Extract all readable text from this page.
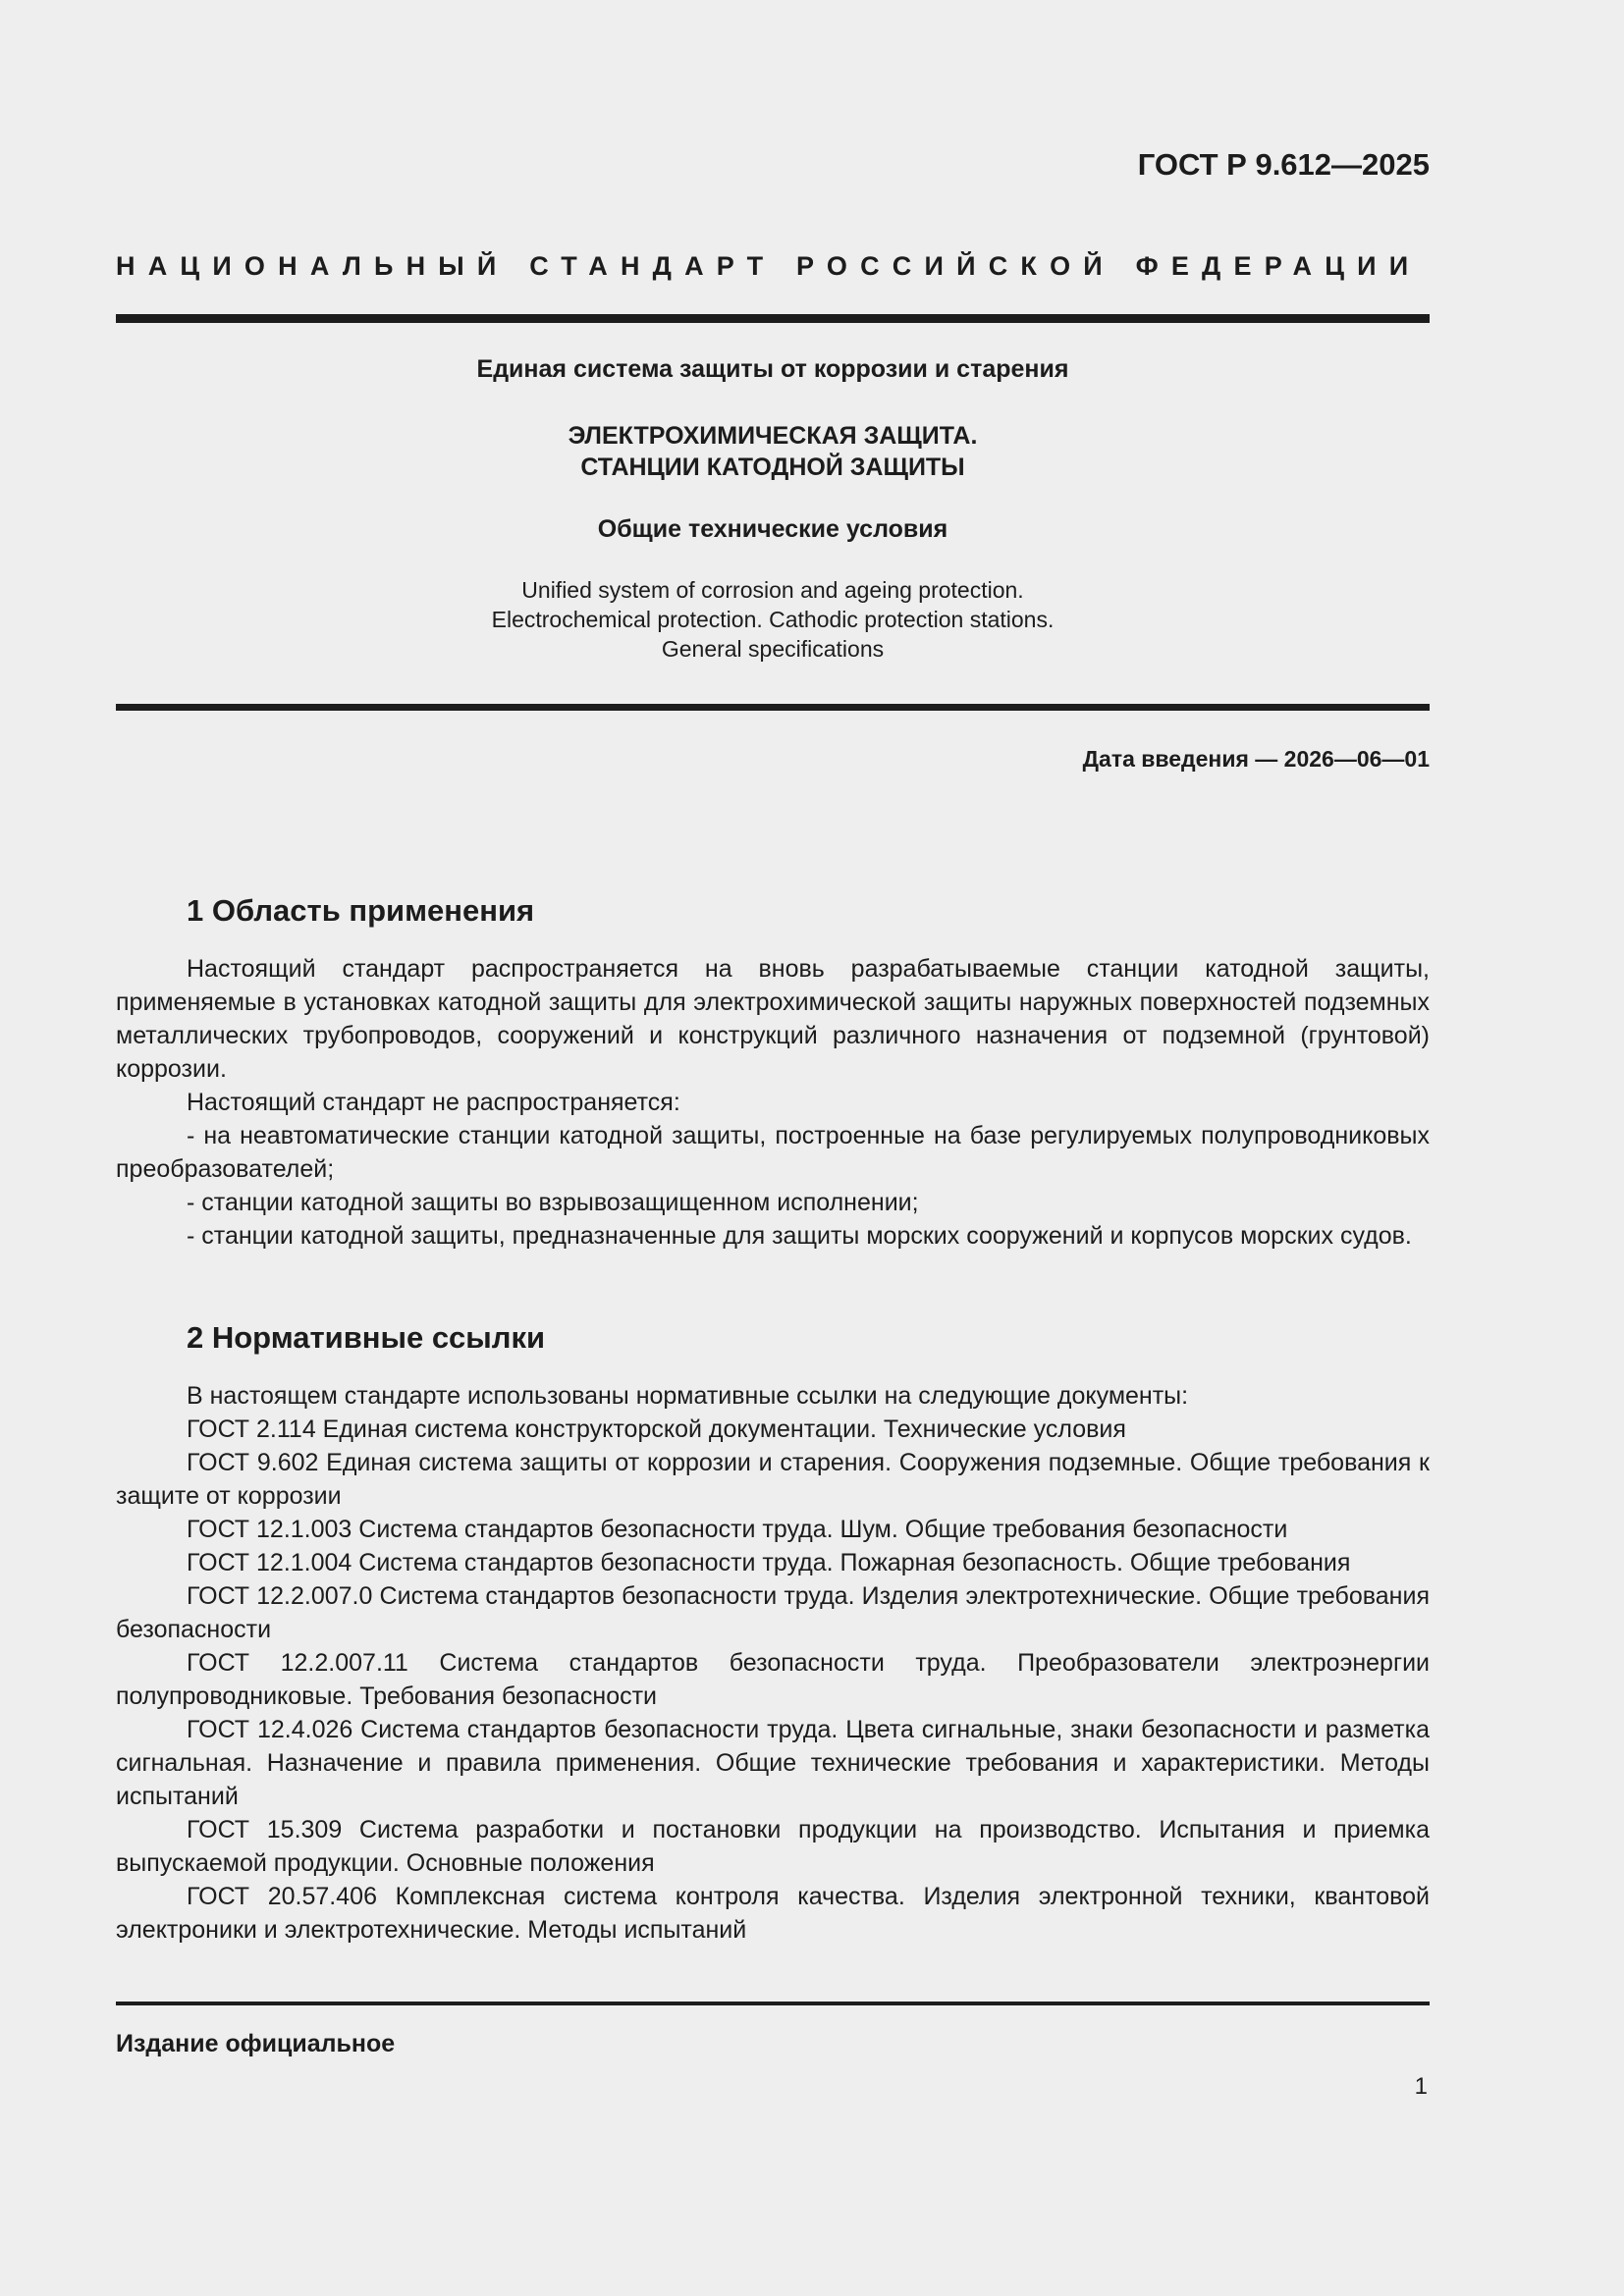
ГОСТ Р 9.612—2025
НАЦИОНАЛЬНЫЙ СТАНДАРТ РОССИЙСКОЙ ФЕДЕРАЦИИ
Единая система защиты от коррозии и старения
ЭЛЕКТРОХИМИЧЕСКАЯ ЗАЩИТА.
СТАНЦИИ КАТОДНОЙ ЗАЩИТЫ
Общие технические условия
Unified system of corrosion and ageing protection.
Electrochemical protection. Cathodic protection stations.
General specifications
Дата введения — 2026—06—01
1 Область применения

Настоящий стандарт распространяется на вновь разрабатываемые станции катодной защиты, применяемые в установках катодной защиты для электрохимической защиты наружных поверхностей подземных металлических трубопроводов, сооружений и конструкций различного назначения от подземной (грунтовой) коррозии.

Настоящий стандарт не распространяется:

- на неавтоматические станции катодной защиты, построенные на базе регулируемых полупроводниковых преобразователей;

- станции катодной защиты во взрывозащищенном исполнении;

- станции катодной защиты, предназначенные для защиты морских сооружений и корпусов морских судов.

2 Нормативные ссылки

В настоящем стандарте использованы нормативные ссылки на следующие документы:

ГОСТ 2.114 Единая система конструкторской документации. Технические условия

ГОСТ 9.602 Единая система защиты от коррозии и старения. Сооружения подземные. Общие требования к защите от коррозии

ГОСТ 12.1.003 Система стандартов безопасности труда. Шум. Общие требования безопасности

ГОСТ 12.1.004 Система стандартов безопасности труда. Пожарная безопасность. Общие требования

ГОСТ 12.2.007.0 Система стандартов безопасности труда. Изделия электротехнические. Общие требования безопасности

ГОСТ 12.2.007.11 Система стандартов безопасности труда. Преобразователи электроэнергии полупроводниковые. Требования безопасности

ГОСТ 12.4.026 Система стандартов безопасности труда. Цвета сигнальные, знаки безопасности и разметка сигнальная. Назначение и правила применения. Общие технические требования и характеристики. Методы испытаний

ГОСТ 15.309 Система разработки и постановки продукции на производство. Испытания и приемка выпускаемой продукции. Основные положения

ГОСТ 20.57.406 Комплексная система контроля качества. Изделия электронной техники, квантовой электроники и электротехнические. Методы испытаний

Издание официальное
1
